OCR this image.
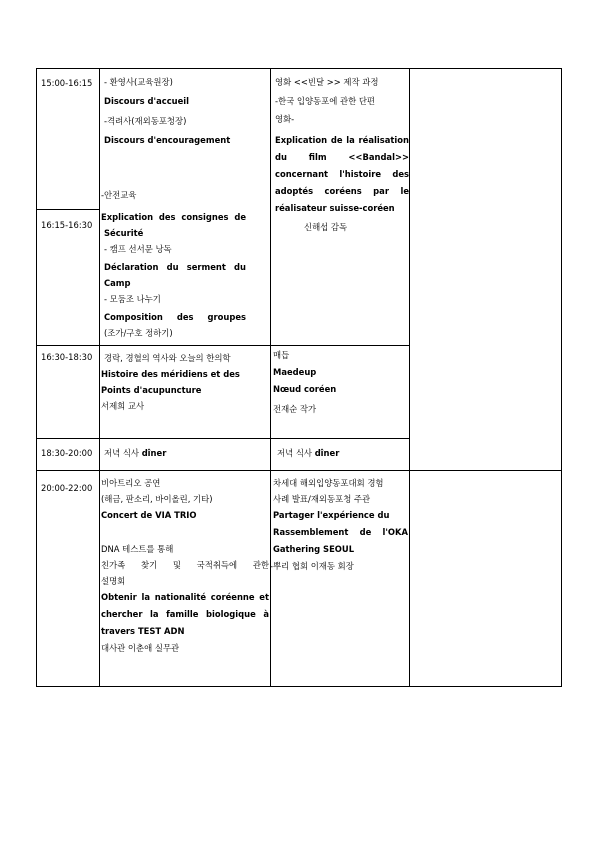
15:00-16:15 - 환영사(교육원장)
Discours d'accueil
-격려사(재외동포청장)
Discours d'encouragement
-안전교육
영화 <<빈달 >> 제작 과정
-한국 입양동포에 관한 단편
영화-
Explication de la réalisation
du film <<Bandal>>
concernant l'histoire des
adoptés coréens par le
réalisateur suisse-coréen
신해섭 감독
16:15-16:30
Explication des consignes de
Sécurité
- 캠프 선서문 낭독
Déclaration du serment du
Camp
- 모둠조 나누기
Composition des groupes
(조가/구호 정하기)
16:30-18:30	경락, 경혈의 역사와 오늘의 한의학
Histoire des méridiens et des
Points d'acupuncture
서제희 교사
매듭
Maedeup
Nœud coréen
전재순 작가
18:30-20:00 저녁 식사 dîner	저녁 식사 dîner
20:00-22:00 비아트리오 공연
(해금, 판소리, 바이올린, 기타)
Concert de VIA TRIO
DNA 테스트를 통해
친가족 찾기 및 국적취득에 관한
설명회
Obtenir la nationalité coréenne et
chercher la famille biologique à
travers TEST ADN
대사관 이춘애 실무관
차세대 해외입양동포대회 경험
사례 발표/재외동포청 주관
Partager l'expérience du
Rassemblement de l'OKA
Gathering SEOUL
-뿌리 협회 이재동 회장
